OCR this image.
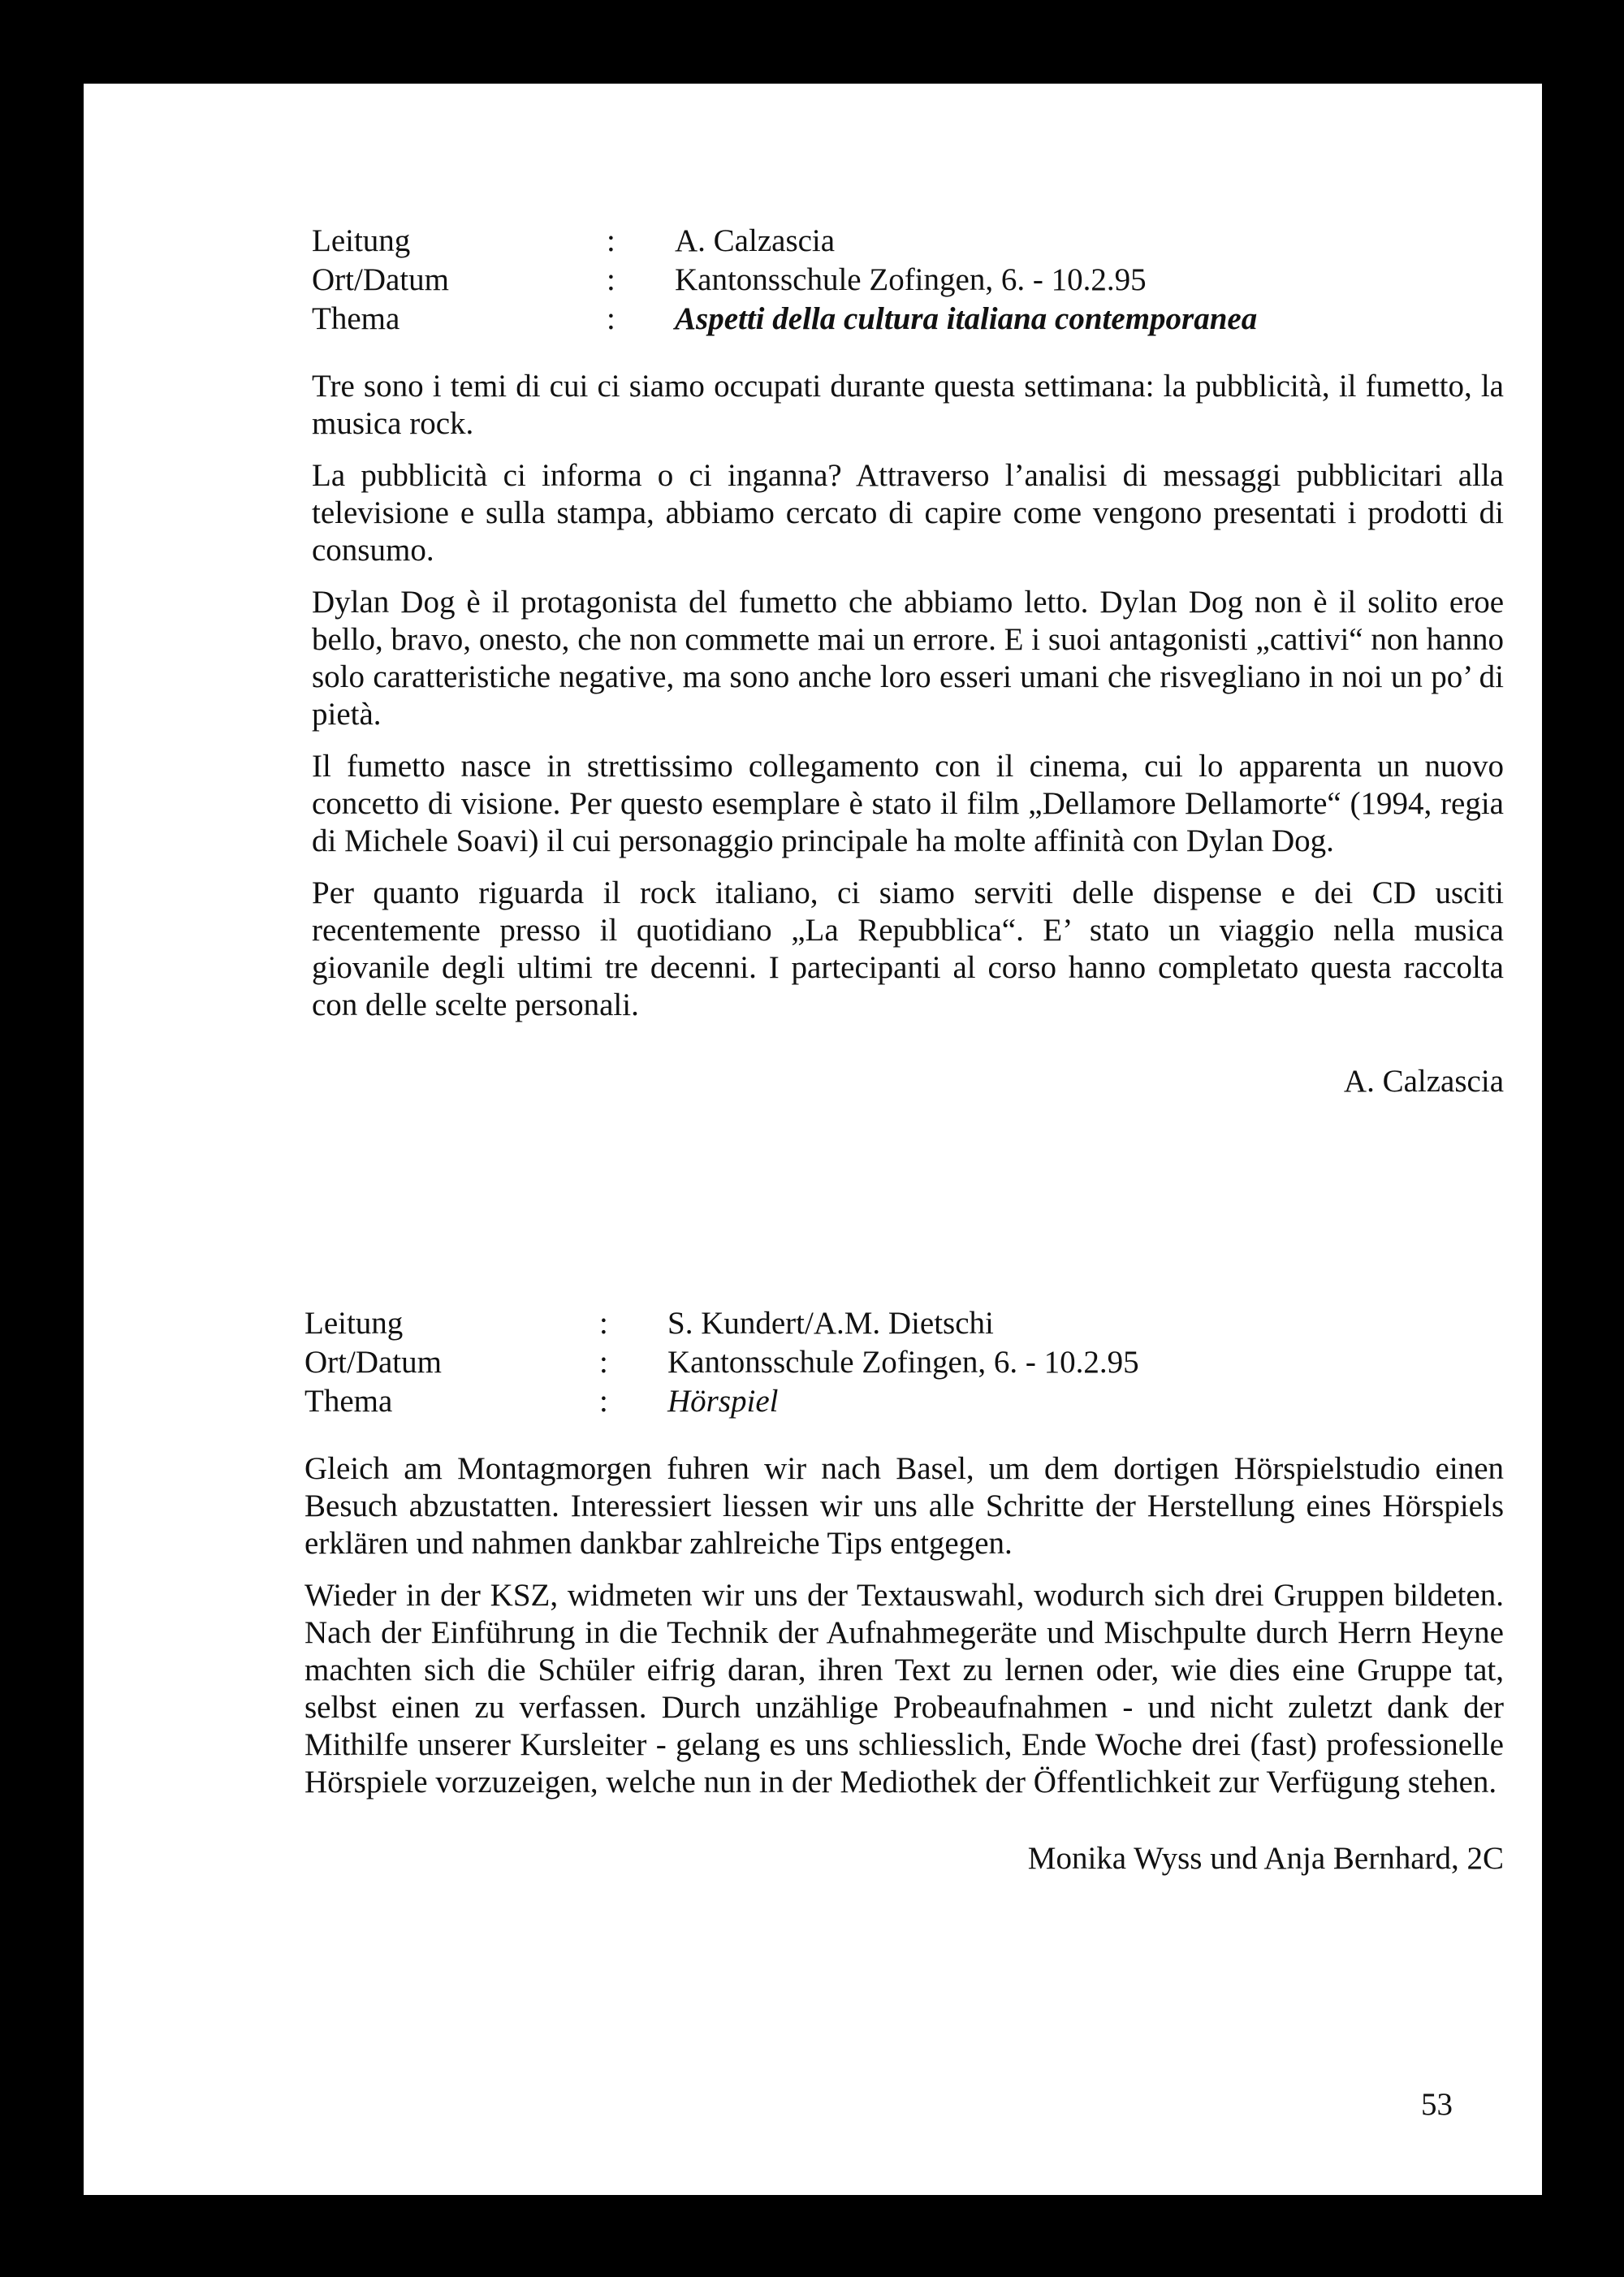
Leitung	:	A. Calzascia
Ort/Datum	:	Kantonsschule Zofingen, 6. - 10.2.95
Thema	:	Aspetti della cultura italiana contemporanea

Tre sono i temi di cui ci siamo occupati durante questa settimana: la pubblicità, il fumetto, la musica rock.

La pubblicità ci informa o ci inganna? Attraverso l’analisi di messaggi pubblicitari alla televisione e sulla stampa, abbiamo cercato di capire come vengono presentati i prodotti di consumo.

Dylan Dog è il protagonista del fumetto che abbiamo letto. Dylan Dog non è il solito eroe bello, bravo, onesto, che non commette mai un errore. E i suoi antagonisti „cattivi“ non hanno solo caratteristiche negative, ma sono anche loro esseri umani che risvegliano in noi un po’ di pietà.

Il fumetto nasce in strettissimo collegamento con il cinema, cui lo apparenta un nuovo concetto di visione. Per questo esemplare è stato il film „Dellamore Dellamorte“ (1994, regia di Michele Soavi) il cui personaggio principale ha molte affinità con Dylan Dog.

Per quanto riguarda il rock italiano, ci siamo serviti delle dispense e dei CD usciti recentemente presso il quotidiano „La Repubblica“. E’ stato un viaggio nella musica giovanile degli ultimi tre decenni. I partecipanti al corso hanno completato questa raccolta con delle scelte personali.

A. Calzascia
Leitung	:	S. Kundert/A.M. Dietschi
Ort/Datum	:	Kantonsschule Zofingen, 6. - 10.2.95
Thema	:	Hörspiel

Gleich am Montagmorgen fuhren wir nach Basel, um dem dortigen Hörspielstudio einen Besuch abzustatten. Interessiert liessen wir uns alle Schritte der Herstellung eines Hörspiels erklären und nahmen dankbar zahlreiche Tips entgegen.

Wieder in der KSZ, widmeten wir uns der Textauswahl, wodurch sich drei Gruppen bildeten. Nach der Einführung in die Technik der Aufnahmegeräte und Mischpulte durch Herrn Heyne machten sich die Schüler eifrig daran, ihren Text zu lernen oder, wie dies eine Gruppe tat, selbst einen zu verfassen. Durch unzählige Probeaufnahmen - und nicht zuletzt dank der Mithilfe unserer Kursleiter - gelang es uns schliesslich, Ende Woche drei (fast) professionelle Hörspiele vorzuzeigen, welche nun in der Mediothek der Öffentlichkeit zur Verfügung stehen.

Monika Wyss und Anja Bernhard, 2C
53
